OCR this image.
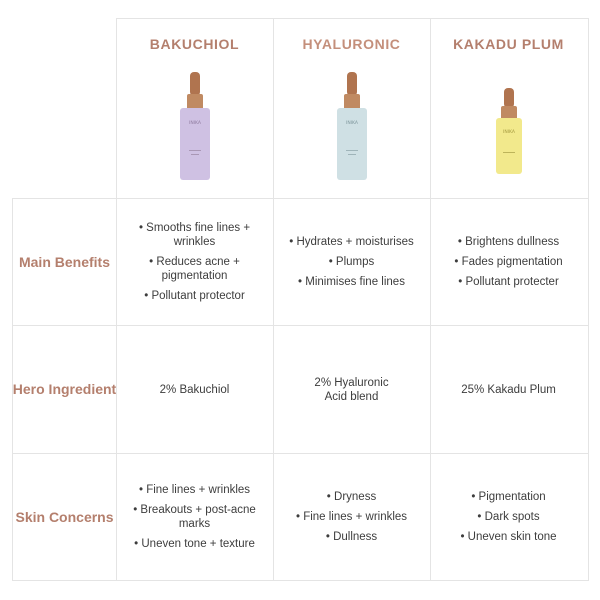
BAKUCHIOL
INIKA
HYALURONIC
INIKA
KAKADU PLUM
INIKA
Main Benefits
Hero Ingredient
Skin Concerns
• Smooths fine lines + wrinkles
• Reduces acne + pigmentation
• Pollutant protector
• Hydrates + moisturises
• Plumps
• Minimises fine lines
• Brightens dullness
• Fades pigmentation
• Pollutant protecter
2% Bakuchiol
2% Hyaluronic
Acid blend
25% Kakadu Plum
• Fine lines + wrinkles
• Breakouts + post-acne marks
• Uneven tone + texture
• Dryness
• Fine lines + wrinkles
• Dullness
• Pigmentation
• Dark spots
• Uneven skin tone
